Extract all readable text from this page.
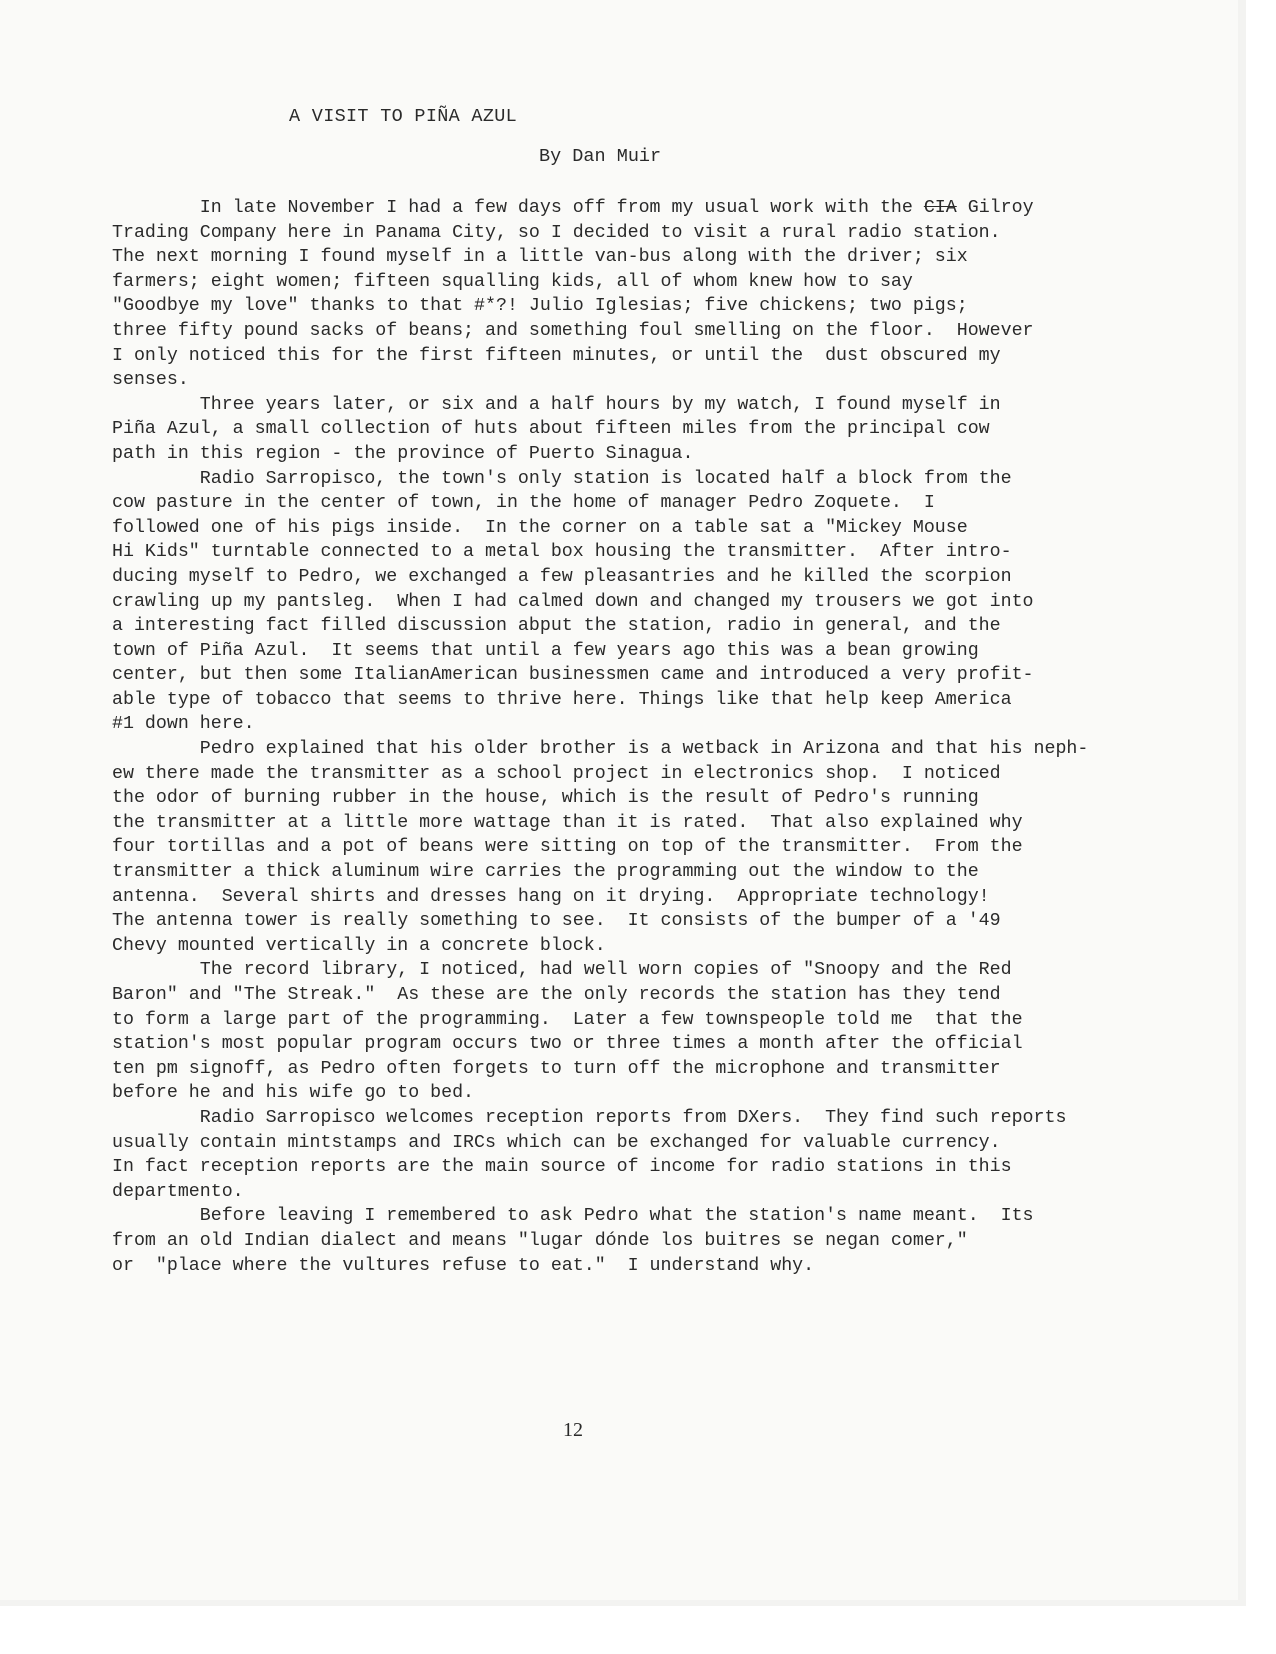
A VISIT TO PIÑA AZUL
By Dan Muir
In late November I had a few days off from my usual work with the CIA Gilroy
Trading Company here in Panama City, so I decided to visit a rural radio station.
The next morning I found myself in a little van-bus along with the driver; six
farmers; eight women; fifteen squalling kids, all of whom knew how to say
"Goodbye my love" thanks to that #*?! Julio Iglesias; five chickens; two pigs;
three fifty pound sacks of beans; and something foul smelling on the floor.  However
I only noticed this for the first fifteen minutes, or until the  dust obscured my
senses.
Three years later, or six and a half hours by my watch, I found myself in
Piña Azul, a small collection of huts about fifteen miles from the principal cow
path in this region - the province of Puerto Sinagua.
Radio Sarropisco, the town's only station is located half a block from the
cow pasture in the center of town, in the home of manager Pedro Zoquete.  I
followed one of his pigs inside.  In the corner on a table sat a "Mickey Mouse
Hi Kids" turntable connected to a metal box housing the transmitter.  After intro-
ducing myself to Pedro, we exchanged a few pleasantries and he killed the scorpion
crawling up my pantsleg.  When I had calmed down and changed my trousers we got into
a interesting fact filled discussion abput the station, radio in general, and the
town of Piña Azul.  It seems that until a few years ago this was a bean growing
center, but then some ItalianAmerican businessmen came and introduced a very profit-
able type of tobacco that seems to thrive here. Things like that help keep America
#1 down here.
Pedro explained that his older brother is a wetback in Arizona and that his neph-
ew there made the transmitter as a school project in electronics shop.  I noticed
the odor of burning rubber in the house, which is the result of Pedro's running
the transmitter at a little more wattage than it is rated.  That also explained why
four tortillas and a pot of beans were sitting on top of the transmitter.  From the
transmitter a thick aluminum wire carries the programming out the window to the
antenna.  Several shirts and dresses hang on it drying.  Appropriate technology!
The antenna tower is really something to see.  It consists of the bumper of a '49
Chevy mounted vertically in a concrete block.
The record library, I noticed, had well worn copies of "Snoopy and the Red
Baron" and "The Streak."  As these are the only records the station has they tend
to form a large part of the programming.  Later a few townspeople told me  that the
station's most popular program occurs two or three times a month after the official
ten pm signoff, as Pedro often forgets to turn off the microphone and transmitter
before he and his wife go to bed.
Radio Sarropisco welcomes reception reports from DXers.  They find such reports
usually contain mintstamps and IRCs which can be exchanged for valuable currency.
In fact reception reports are the main source of income for radio stations in this
departmento.
Before leaving I remembered to ask Pedro what the station's name meant.  Its
from an old Indian dialect and means "lugar dónde los buitres se negan comer,"
or  "place where the vultures refuse to eat."  I understand why.
12
